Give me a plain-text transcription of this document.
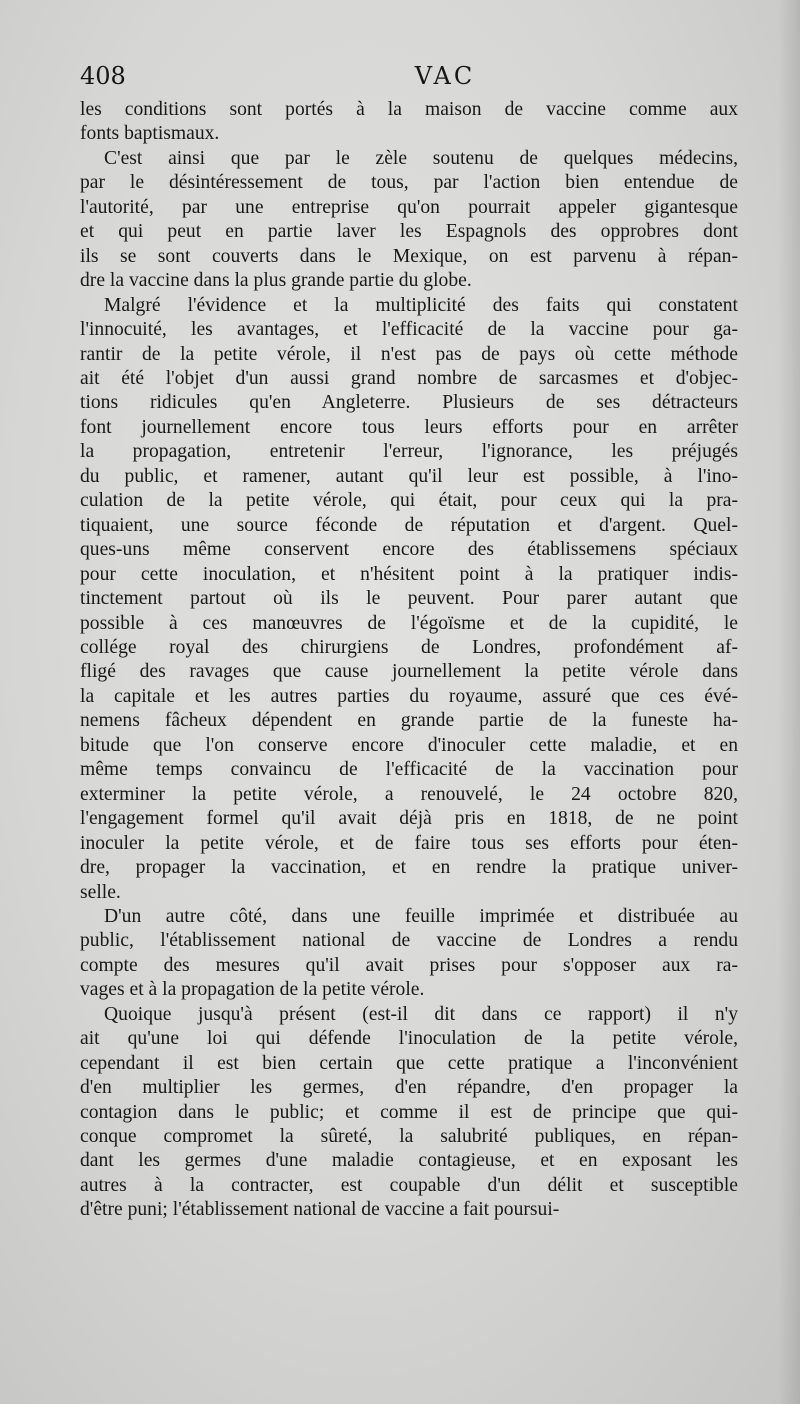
408	VAC
les conditions sont portés à la maison de vaccine comme aux
fonts baptismaux.
C'est ainsi que par le zèle soutenu de quelques médecins,
par le désintéressement de tous, par l'action bien entendue de
l'autorité, par une entreprise qu'on pourrait appeler gigantesque
et qui peut en partie laver les Espagnols des opprobres dont
ils se sont couverts dans le Mexique, on est parvenu à répan-
dre la vaccine dans la plus grande partie du globe.
Malgré l'évidence et la multiplicité des faits qui constatent
l'innocuité, les avantages, et l'efficacité de la vaccine pour ga-
rantir de la petite vérole, il n'est pas de pays où cette méthode
ait été l'objet d'un aussi grand nombre de sarcasmes et d'objec-
tions ridicules qu'en Angleterre. Plusieurs de ses détracteurs
font journellement encore tous leurs efforts pour en arrêter
la propagation, entretenir l'erreur, l'ignorance, les préjugés
du public, et ramener, autant qu'il leur est possible, à l'ino-
culation de la petite vérole, qui était, pour ceux qui la pra-
tiquaient, une source féconde de réputation et d'argent. Quel-
ques-uns même conservent encore des établissemens spéciaux
pour cette inoculation, et n'hésitent point à la pratiquer indis-
tinctement partout où ils le peuvent. Pour parer autant que
possible à ces manœuvres de l'égoïsme et de la cupidité, le
collége royal des chirurgiens de Londres, profondément af-
fligé des ravages que cause journellement la petite vérole dans
la capitale et les autres parties du royaume, assuré que ces évé-
nemens fâcheux dépendent en grande partie de la funeste ha-
bitude que l'on conserve encore d'inoculer cette maladie, et en
même temps convaincu de l'efficacité de la vaccination pour
exterminer la petite vérole, a renouvelé, le 24 octobre 820,
l'engagement formel qu'il avait déjà pris en 1818, de ne point
inoculer la petite vérole, et de faire tous ses efforts pour éten-
dre, propager la vaccination, et en rendre la pratique univer-
selle.
D'un autre côté, dans une feuille imprimée et distribuée au
public, l'établissement national de vaccine de Londres a rendu
compte des mesures qu'il avait prises pour s'opposer aux ra-
vages et à la propagation de la petite vérole.
Quoique jusqu'à présent (est-il dit dans ce rapport) il n'y
ait qu'une loi qui défende l'inoculation de la petite vérole,
cependant il est bien certain que cette pratique a l'inconvénient
d'en multiplier les germes, d'en répandre, d'en propager la
contagion dans le public; et comme il est de principe que qui-
conque compromet la sûreté, la salubrité publiques, en répan-
dant les germes d'une maladie contagieuse, et en exposant les
autres à la contracter, est coupable d'un délit et susceptible
d'être puni; l'établissement national de vaccine a fait poursui-
